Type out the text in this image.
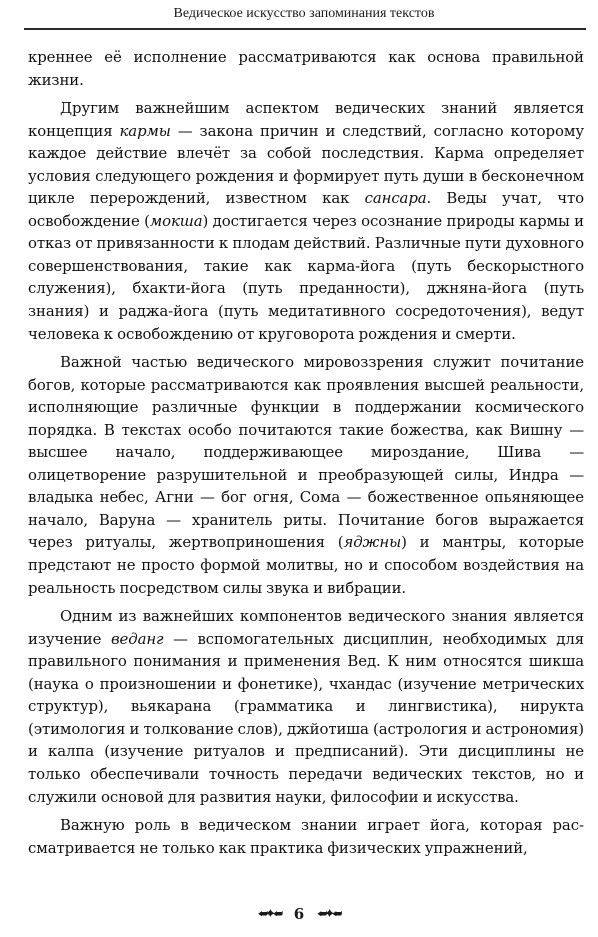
Ведическое искусство запоминания текстов

креннее её исполнение рассматриваются как основа правильной жизни.

Другим важнейшим аспектом ведических знаний является концепция кармы — закона причин и следствий, согласно которому каждое действие влечёт за собой последствия. Карма определяет условия следующего рождения и формирует путь души в бесконечном цикле перерождений, известном как сансара. Веды учат, что освобождение (мокша) достигается через осознание природы кармы и отказ от привязанности к плодам действий. Различные пути духовного совершенствования, такие как карма-йога (путь бескорыстного служения), бхакти-йога (путь преданности), джняна-йога (путь знания) и раджа-йога (путь медитативного сосредоточения), ведут человека к освобождению от круговорота рождения и смерти.

Важной частью ведического мировоззрения служит почитание богов, которые рассматриваются как проявления высшей реальности, исполняющие различные функции в поддержании космического порядка. В текстах особо почитаются такие божества, как Вишну — высшее начало, поддерживающее мироздание, Шива — олицетворение разрушительной и преобразующей силы, Индра — владыка небес, Агни — бог огня, Сома — божественное опьяняющее начало, Варуна — хранитель риты. Почитание богов выражается через ритуалы, жертвоприношения (яджны) и мантры, которые предстают не просто формой молитвы, но и способом воздействия на реальность посредством силы звука и вибрации.

Одним из важнейших компонентов ведического знания является изучение веданг — вспомогательных дисциплин, необходимых для правильного понимания и применения Вед. К ним относятся шикша (наука о произношении и фонетике), чхандас (изучение метрических структур), вьякарана (грамматика и лингвистика), нирукта (этимология и толкование слов), джйотиша (астрология и астрономия) и калпа (изучение ритуалов и предписаний). Эти дисциплины не только обеспечивали точность передачи ведических текстов, но и служили основой для развития науки, философии и искусства.

Важную роль в ведическом знании играет йога, которая рассматривается не только как практика физических упражнений,

⮨✦⮨ 6 ⮨✦⮨
